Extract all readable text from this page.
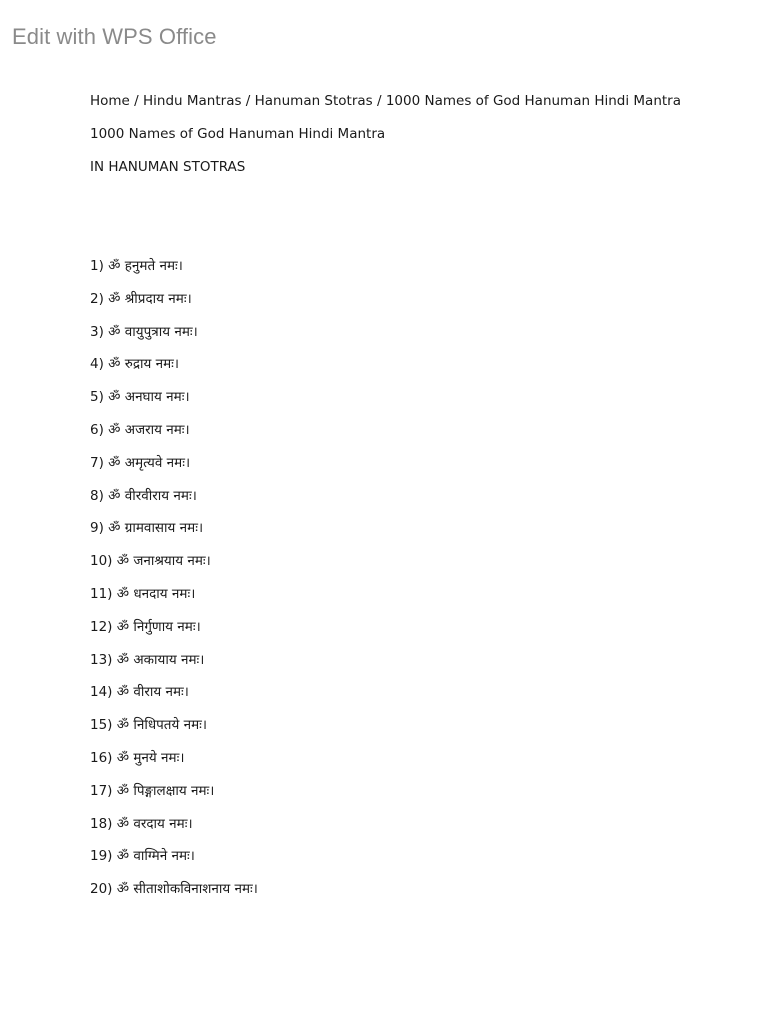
Edit with WPS Office
Home / Hindu Mantras / Hanuman Stotras / 1000 Names of God Hanuman Hindi Mantra
1000 Names of God Hanuman Hindi Mantra
IN HANUMAN STOTRAS
1) ॐ हनुमते नमः।
2) ॐ श्रीप्रदाय नमः।
3) ॐ वायुपुत्राय नमः।
4) ॐ रुद्राय नमः।
5) ॐ अनघाय नमः।
6) ॐ अजराय नमः।
7) ॐ अमृत्यवे नमः।
8) ॐ वीरवीराय नमः।
9) ॐ ग्रामवासाय नमः।
10) ॐ जनाश्रयाय नमः।
11) ॐ धनदाय नमः।
12) ॐ निर्गुणाय नमः।
13) ॐ अकायाय नमः।
14) ॐ वीराय नमः।
15) ॐ निधिपतये नमः।
16) ॐ मुनये नमः।
17) ॐ पिङ्गालक्षाय नमः।
18) ॐ वरदाय नमः।
19) ॐ वाग्मिने नमः।
20) ॐ सीताशोकविनाशनाय नमः।
